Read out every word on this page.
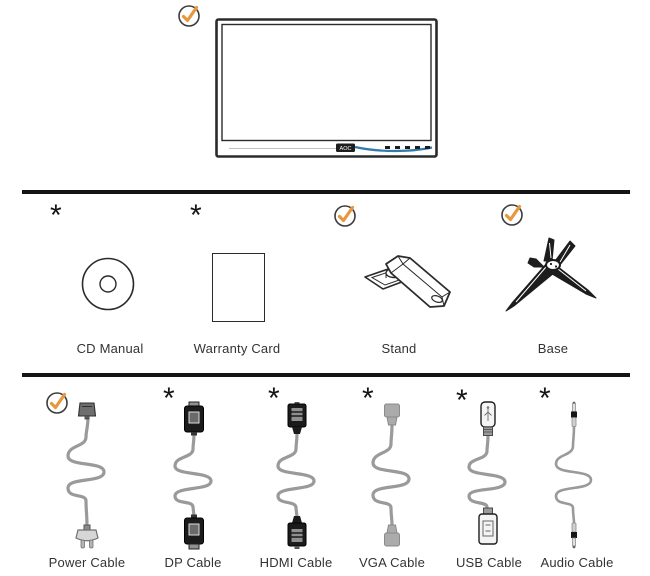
AOC
*	*
CD Manual	Warranty Card	Stand	Base
*	*	*	* *
Power Cable	DP Cable	HDMI Cable VGA Cable USB Cable Audio Cable
